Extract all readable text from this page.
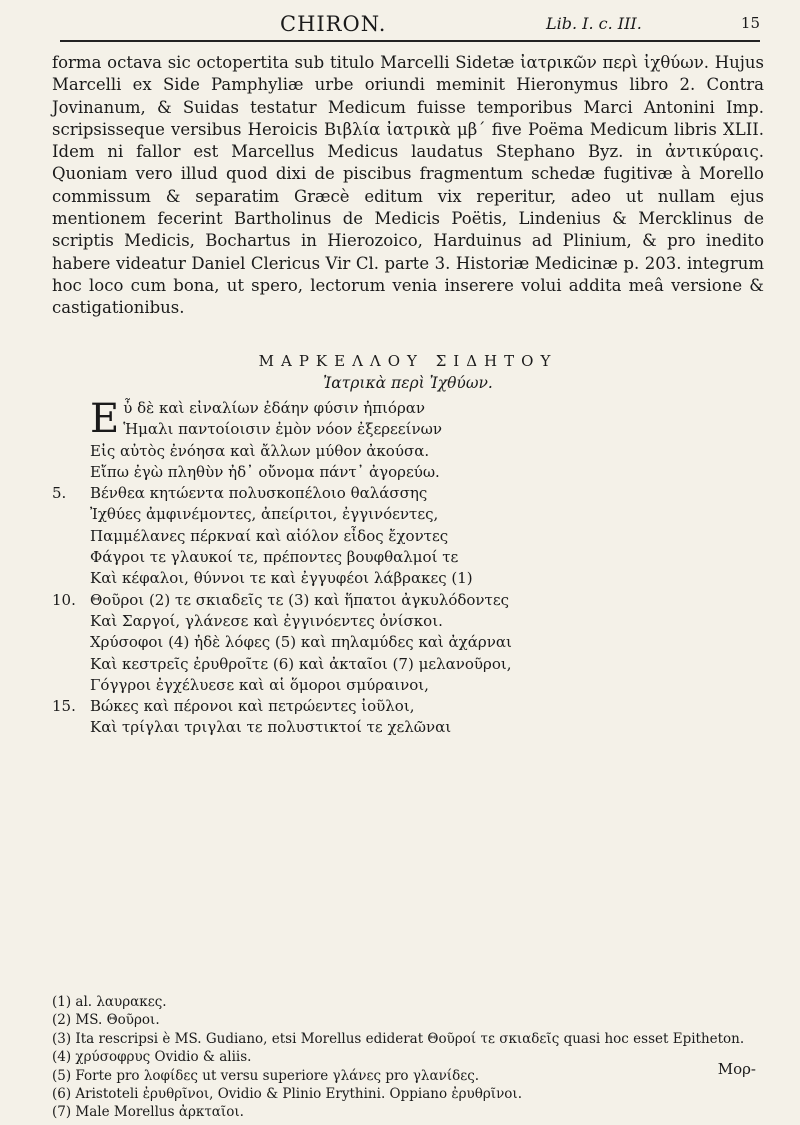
CHIRON.	Lib. I. c. III.	15

forma octava sic octopertita sub titulo Marcelli Sidetæ ἰατρικῶν περὶ ἰχθύων. Hujus Marcelli ex Side Pamphyliæ urbe oriundi meminit Hieronymus libro 2. Contra Jovinanum, & Suidas testatur Medicum fuisse temporibus Marci Antonini Imp. scripsisseque versibus Heroicis Βιβλία ἰατρικὰ μβ´ five Poëma Medicum libris XLII. Idem ni fallor est Marcellus Medicus laudatus Stephano Byz. in ἀντικύραις. Quoniam vero illud quod dixi de piscibus fragmentum schedæ fugitivæ à Morello commissum & separatim Græcè editum vix reperitur, adeo ut nullam ejus mentionem fecerint Bartholinus de Medicis Poëtis, Lindenius & Mercklinus de scriptis Medicis, Bochartus in Hierozoico, Harduinus ad Plinium, & pro inedito habere videatur Daniel Clericus Vir Cl. parte 3. Historiæ Medicinæ p. 203. integrum hoc loco cum bona, ut spero, lectorum venia inserere volui addita meâ versione & castigationibus.

ΜΑΡΚΕΛΛΟΥ ΣΙΔΗΤΟΥ
Ἰατρικὰ περὶ Ἰχθύων.
Εὖ δὲ καὶ εἰναλίων ἐδάην φύσιν ἠπιόραν
Ἡμαλι παντοίοισιν ἐμὸν νόον ἐξερεείνων
Εἰς αὐτὸς ἐνόησα καὶ ἄλλων μύθον ἀκούσα.
Εἴπω ἐγὼ πληθὺν ἠδ᾽ οὔνομα πάντ᾽ ἀγορεύω.
5. Βένθεα κητώεντα πολυσκοπέλοιο θαλάσσης
Ἰχθύες ἀμφινέμοντες, ἀπείριτοι, ἐγγινόεντες,
Παμμέλανες πέρκναί καὶ αἰόλον εἶδος ἔχοντες
Φάγροι τε γλαυκοί τε, πρέποντες βουφθαλμοί τε
Καὶ κέφαλοι, θύννοι τε καὶ ἐγγυφέοι λάβρακες (1)
10. Θοῦροι (2) τε σκιαδεῖς τε (3) καὶ ἥπατοι ἀγκυλόδοντες
Καὶ Σαργοί, γλάνεσε καὶ ἐγγινόεντες ὀνίσκοι.
Χρύσοφοι (4) ἠδὲ λόφες (5) καὶ πηλαμύδες καὶ ἀχάρναι
Καὶ κεστρεῖς ἐρυθροῖτε (6) καὶ ἀκταῖοι (7) μελανοῦροι,
Γόγγροι ἐγχέλυεσε καὶ αἱ ὅμοροι σμύραινοι,
15. Βώκες καὶ πέρονοι καὶ πετρώεντες ἰοῦλοι,
Καὶ τρίγλαι τριγλαι τε πολυστικτοί τε χελῶναι
(1) al. λαυρακες.
(2) MS. Θοῦροι.
(3) Ita rescripsi è MS. Gudiano, etsi Morellus ediderat Θοῦροί τε σκιαδεῖς quasi hoc esset Epitheton.
(4) χρύσοφρυς Ovidio & aliis.
(5) Forte pro λοφίδες ut versu superiore γλάνες pro γλανίδες.
(6) Aristoteli ἐρυθρῖνοι, Ovidio & Plinio Erythini. Oppiano ἐρυθρῖνοι.
(7) Male Morellus ἀρκταῖοι.
Μορ-
